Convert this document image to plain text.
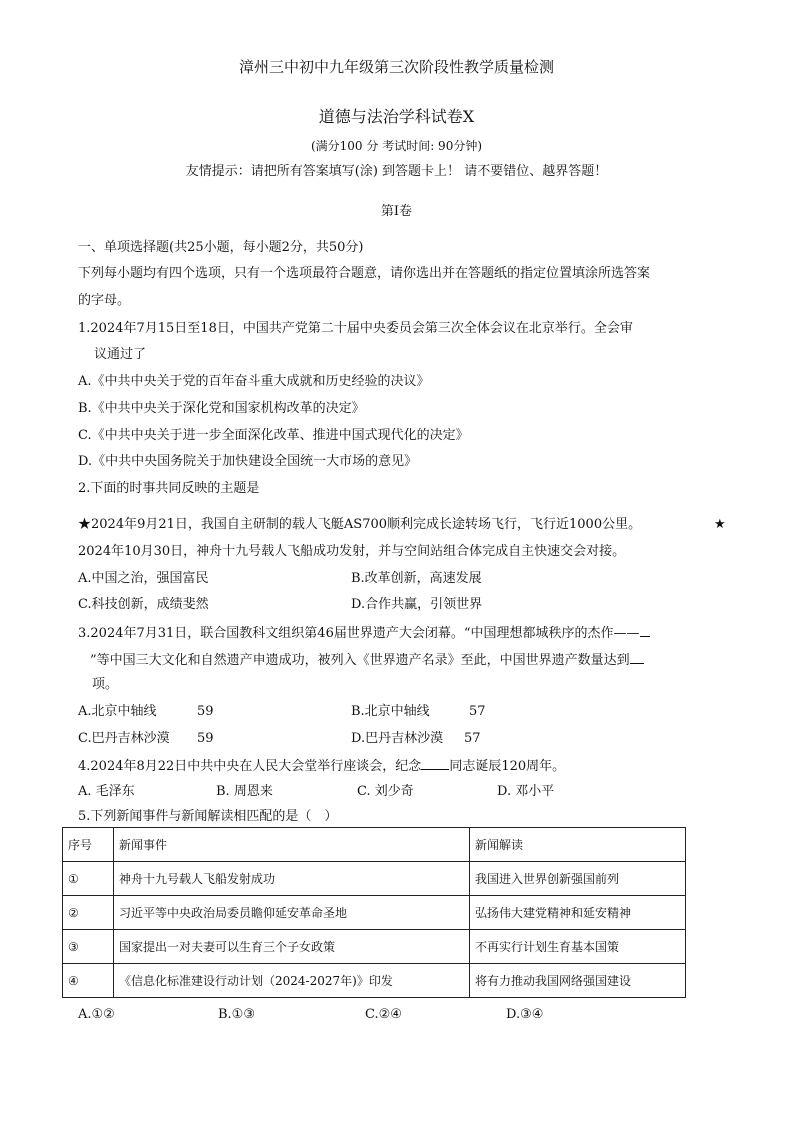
漳州三中初中九年级第三次阶段性教学质量检测
道德与法治学科试卷Ⅹ
(满分100 分 考试时间: 90分钟)
友情提示：请把所有答案填写(涂) 到答题卡上！ 请不要错位、越界答题！
第Ⅰ卷
一、单项选择题(共25小题，每小题2分，共50分)
下列每小题均有四个选项，只有一个选项最符合题意，请你选出并在答题纸的指定位置填涂所选答案
的字母。
1.2024年7月15日至18日，中国共产党第二十届中央委员会第三次全体会议在北京举行。全会审
议通过了
A.《中共中央关于党的百年奋斗重大成就和历史经验的决议》
B.《中共中央关于深化党和国家机构改革的决定》
C.《中共中央关于进一步全面深化改革、推进中国式现代化的决定》
D.《中共中央国务院关于加快建设全国统一大市场的意见》
2.下面的时事共同反映的主题是
★2024年9月21日，我国自主研制的载人飞艇AS700顺利完成长途转场飞行，飞行近1000公里。	★
2024年10月30日，神舟十九号载人飞船成功发射，并与空间站组合体完成自主快速交会对接。
A.中国之治，强国富民	B.改革创新，高速发展
C.科技创新，成绩斐然	D.合作共赢，引领世界
3.2024年7月31日，联合国教科文组织第46届世界遗产大会闭幕。“中国理想都城秩序的杰作——
”等中国三大文化和自然遗产申遗成功，被列入《世界遗产名录》至此，中国世界遗产数量达到
项。
A.北京中轴线	59	B.北京中轴线	57
C.巴丹吉林沙漠 59	D.巴丹吉林沙漠 57
4.2024年8月22日中共中央在人民大会堂举行座谈会，纪念 同志诞辰120周年。
A. 毛泽东	B. 周恩来	C. 刘少奇	D. 邓小平
5.下列新闻事件与新闻解读相匹配的是（　）
序号	新闻事件	新闻解读
①	神舟十九号载人飞船发射成功	我国进入世界创新强国前列
②	习近平等中央政治局委员瞻仰延安革命圣地	弘扬伟大建党精神和延安精神
③	国家提出一对夫妻可以生育三个子女政策	不再实行计划生育基本国策
④	《信息化标准建设行动计划（2024-2027年)》印发	将有力推动我国网络强国建设
A.①②	B.①③	C.②④	D.③④
